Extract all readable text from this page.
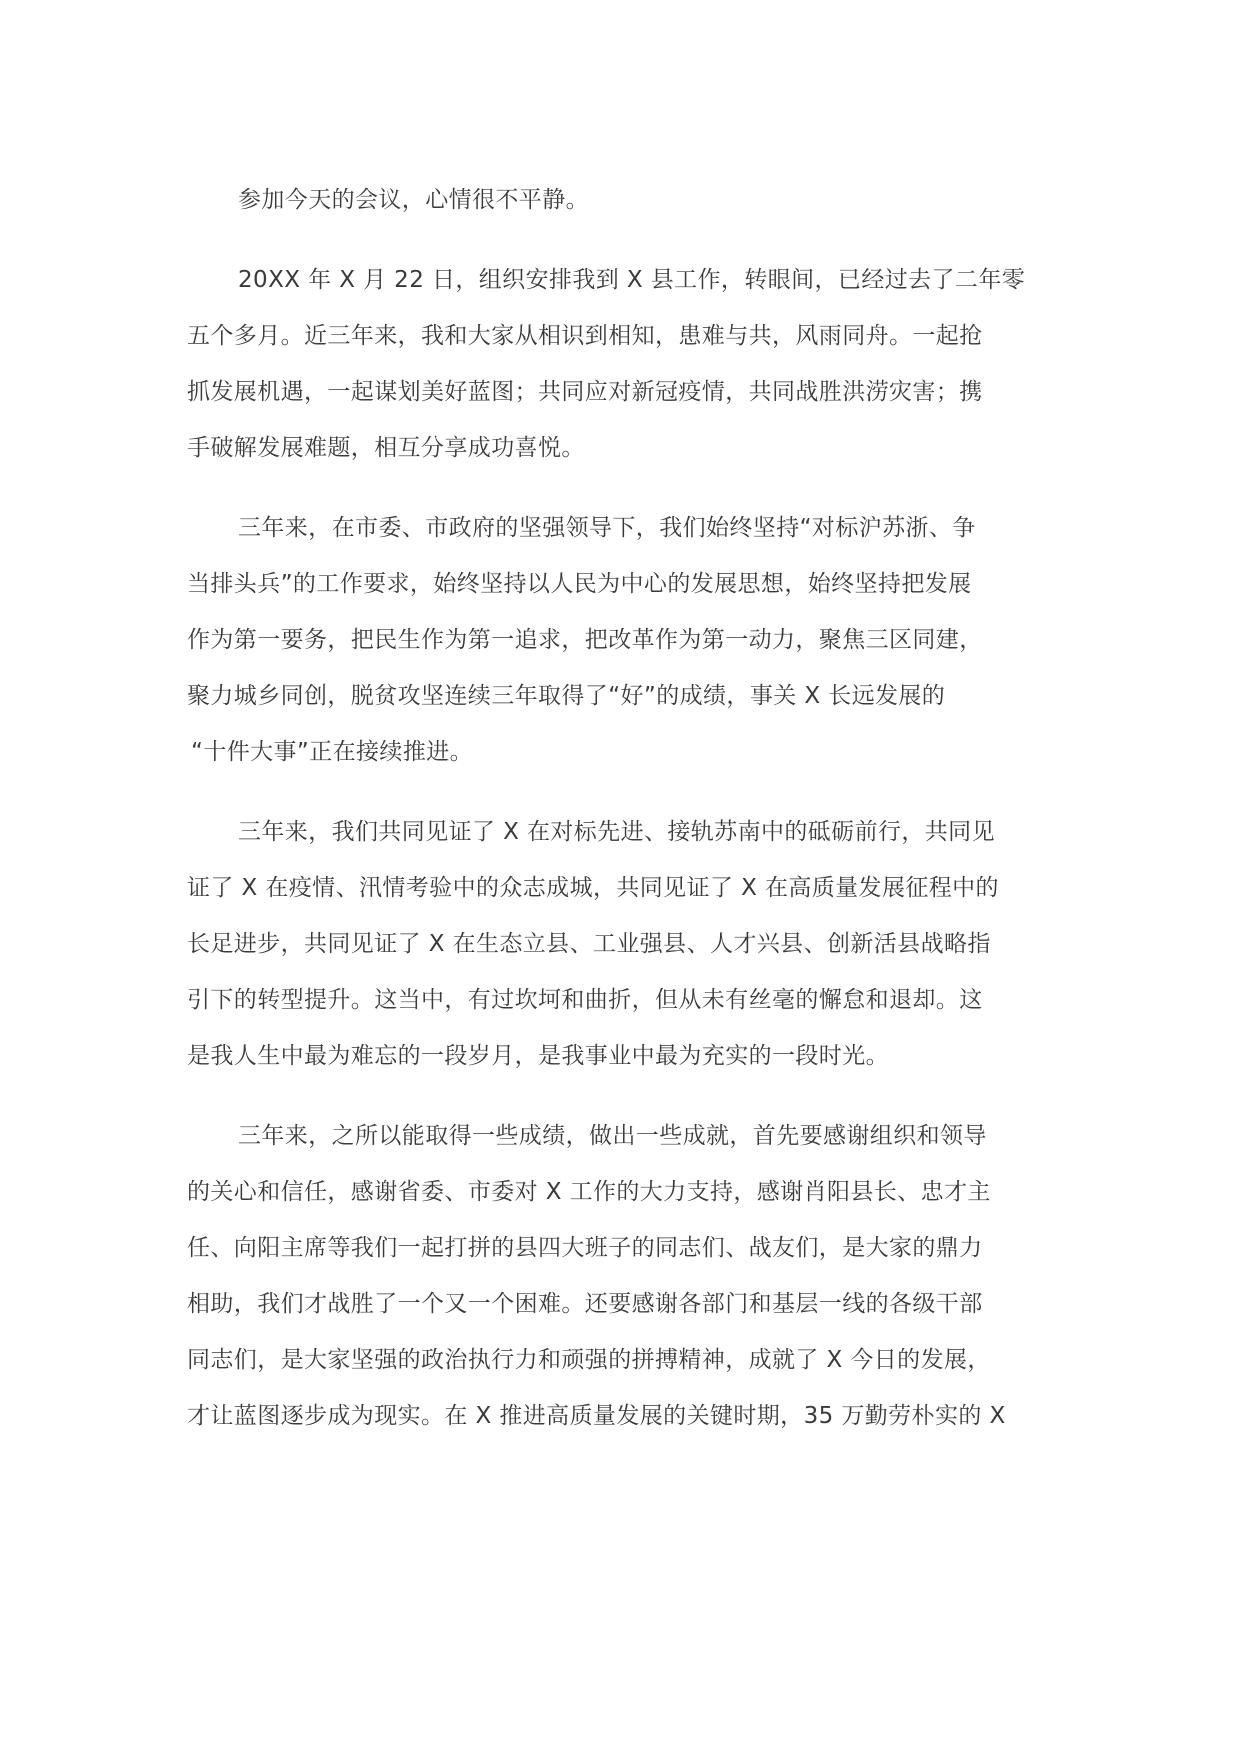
参加今天的会议，心情很不平静。

20XX 年 X 月 22 日，组织安排我到 X 县工作，转眼间，已经过去了二年零
五个多月。近三年来，我和大家从相识到相知，患难与共，风雨同舟。一起抢
抓发展机遇，一起谋划美好蓝图；共同应对新冠疫情，共同战胜洪涝灾害；携
手破解发展难题，相互分享成功喜悦。

三年来，在市委、市政府的坚强领导下，我们始终坚持“对标沪苏浙、争
当排头兵”的工作要求，始终坚持以人民为中心的发展思想，始终坚持把发展
作为第一要务，把民生作为第一追求，把改革作为第一动力，聚焦三区同建，
聚力城乡同创，脱贫攻坚连续三年取得了“好”的成绩，事关 X 长远发展的
“十件大事”正在接续推进。

三年来，我们共同见证了 X 在对标先进、接轨苏南中的砥砺前行，共同见
证了 X 在疫情、汛情考验中的众志成城，共同见证了 X 在高质量发展征程中的
长足进步，共同见证了 X 在生态立县、工业强县、人才兴县、创新活县战略指
引下的转型提升。这当中，有过坎坷和曲折，但从未有丝毫的懈怠和退却。这
是我人生中最为难忘的一段岁月，是我事业中最为充实的一段时光。

三年来，之所以能取得一些成绩，做出一些成就，首先要感谢组织和领导
的关心和信任，感谢省委、市委对 X 工作的大力支持，感谢肖阳县长、忠才主
任、向阳主席等我们一起打拼的县四大班子的同志们、战友们，是大家的鼎力
相助，我们才战胜了一个又一个困难。还要感谢各部门和基层一线的各级干部
同志们，是大家坚强的政治执行力和顽强的拼搏精神，成就了 X 今日的发展，
才让蓝图逐步成为现实。在 X 推进高质量发展的关键时期，35 万勤劳朴实的 X
